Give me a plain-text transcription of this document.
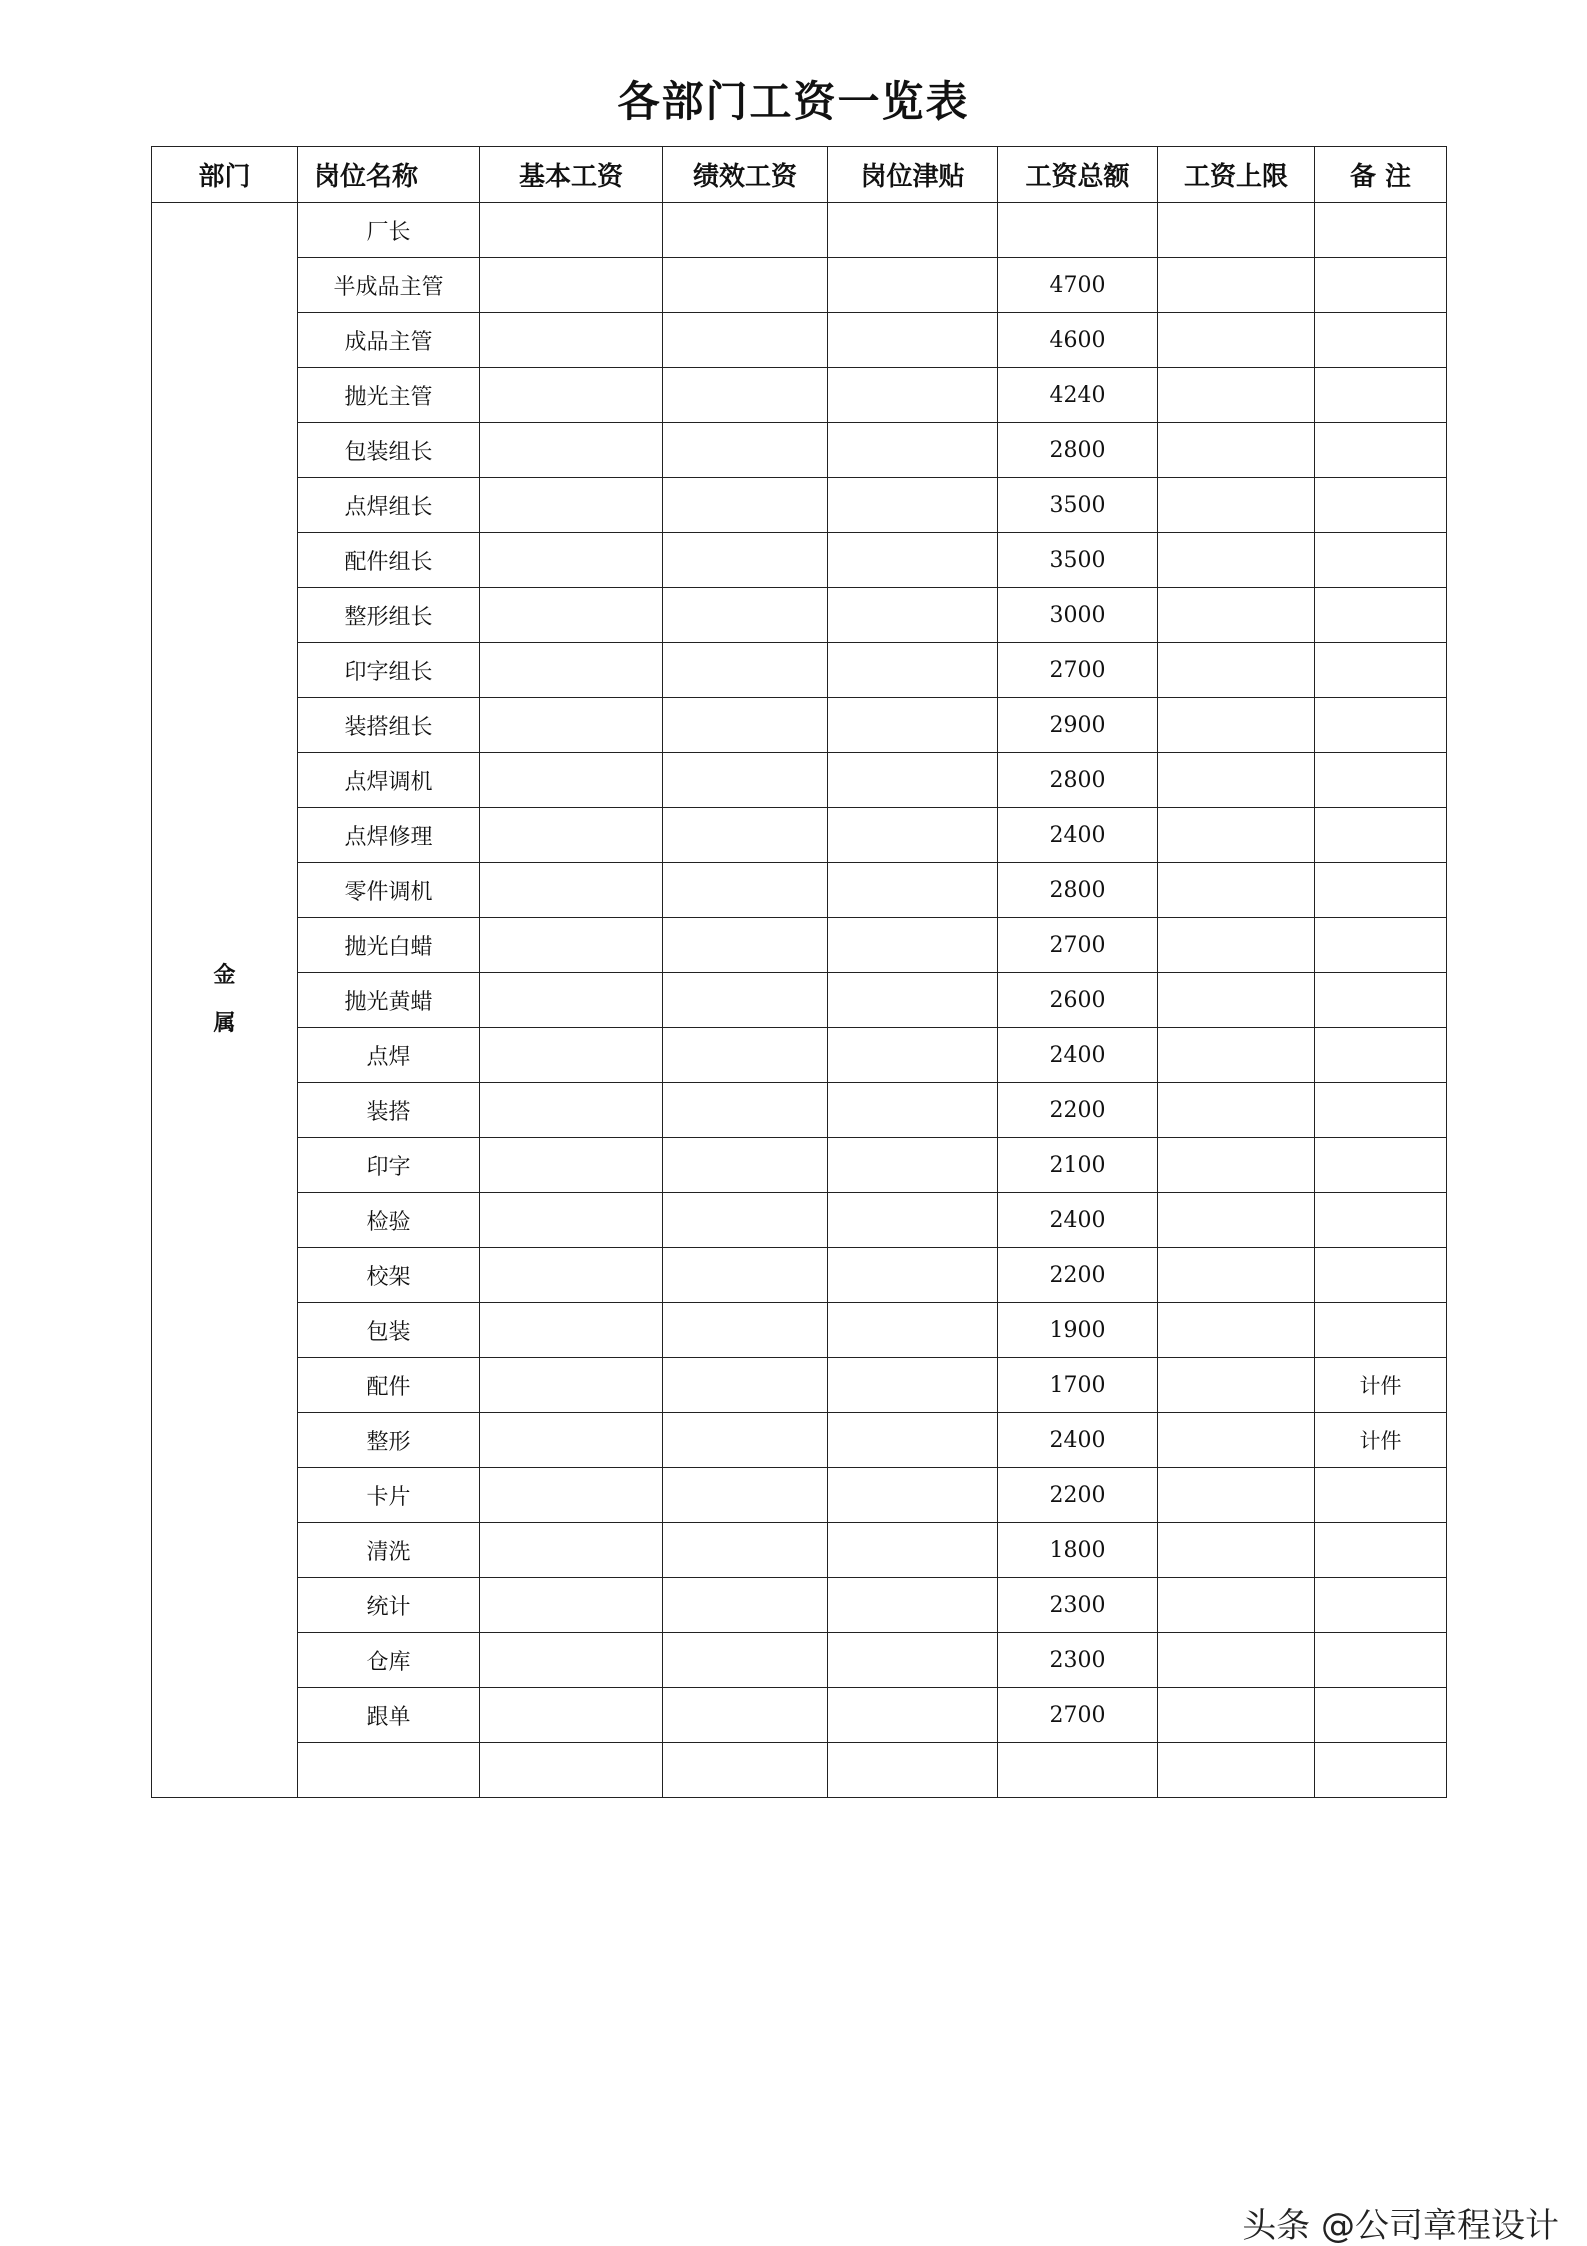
各部门工资一览表
部门	岗位名称	基本工资	绩效工资	岗位津贴	工资总额	工资上限	备 注

金
属	厂长						
	半成品主管				4700		
	成品主管				4600		
	抛光主管				4240		
	包装组长				2800		
	点焊组长				3500		
	配件组长				3500		
	整形组长				3000		
	印字组长				2700		
	装搭组长				2900		
	点焊调机				2800		
	点焊修理				2400		
	零件调机				2800		
	抛光白蜡				2700		
	抛光黄蜡				2600		
	点焊				2400		
	装搭				2200		
	印字				2100		
	检验				2400		
	校架				2200		
	包装				1900		
	配件				1700		计件
	整形				2400		计件
	卡片				2200		
	清洗				1800		
	统计				2300		
	仓库				2300		
	跟单				2700		

头条 @公司章程设计
